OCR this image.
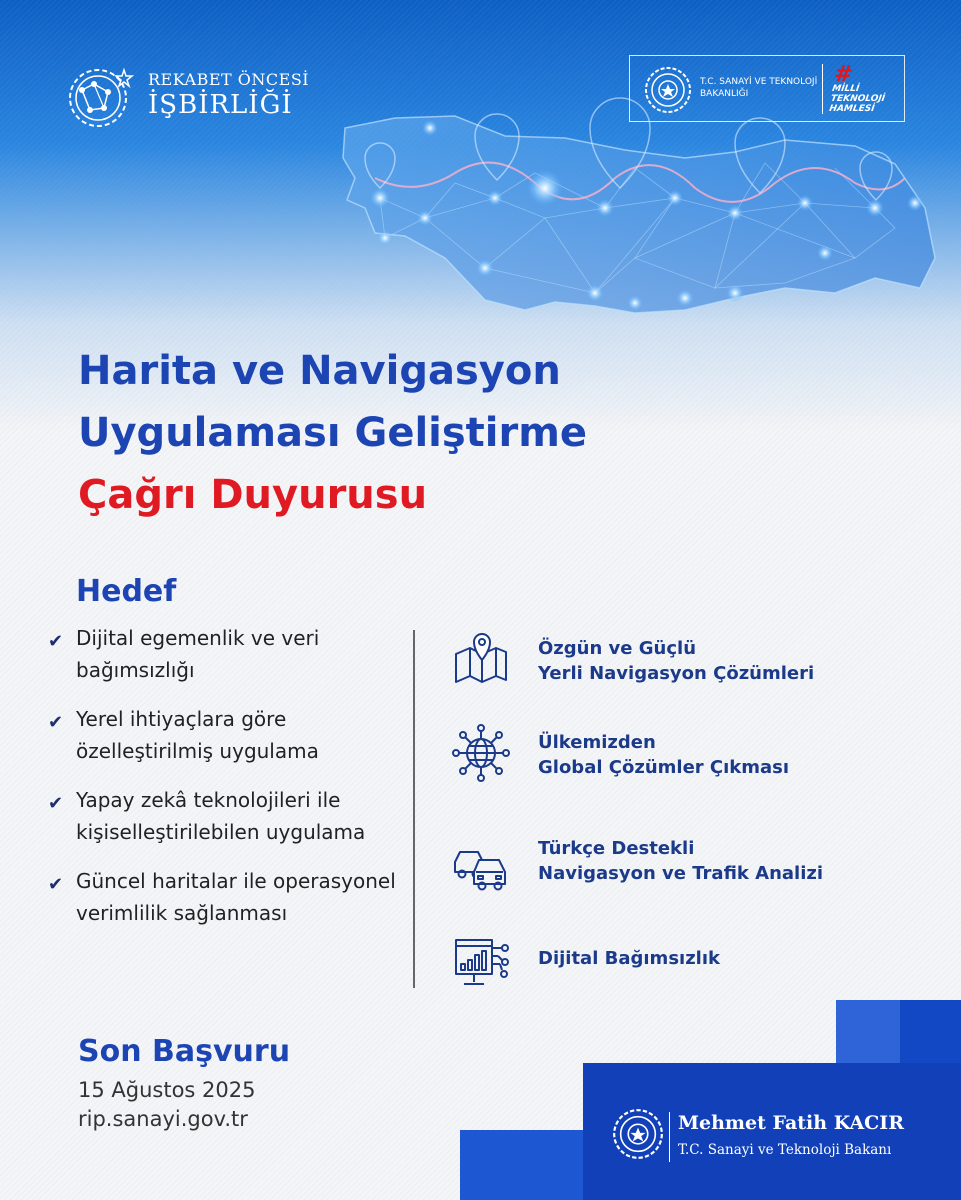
REKABET ÖNCESİ
İŞBİRLİĞİ
T.C. SANAYİ VE TEKNOLOJİ BAKANLIĞI
#
MİLLİ
TEKNOLOJİ
HAMLESİ
Harita ve Navigasyon
Uygulaması Geliştirme
Çağrı Duyurusu
Hedef
✔ Dijital egemenlik ve veri bağımsızlığı
✔ Yerel ihtiyaçlara göre özelleştirilmiş uygulama
✔ Yapay zekâ teknolojileri ile kişiselleştirilebilen uygulama
✔ Güncel haritalar ile operasyonel verimlilik sağlanması
Özgün ve Güçlü
Yerli Navigasyon Çözümleri
Ülkemizden
Global Çözümler Çıkması
Türkçe Destekli
Navigasyon ve Trafik Analizi
Dijital Bağımsızlık
Son Başvuru
15 Ağustos 2025
rip.sanayi.gov.tr	Mehmet Fatih KACIR
T.C. Sanayi ve Teknoloji Bakanı
